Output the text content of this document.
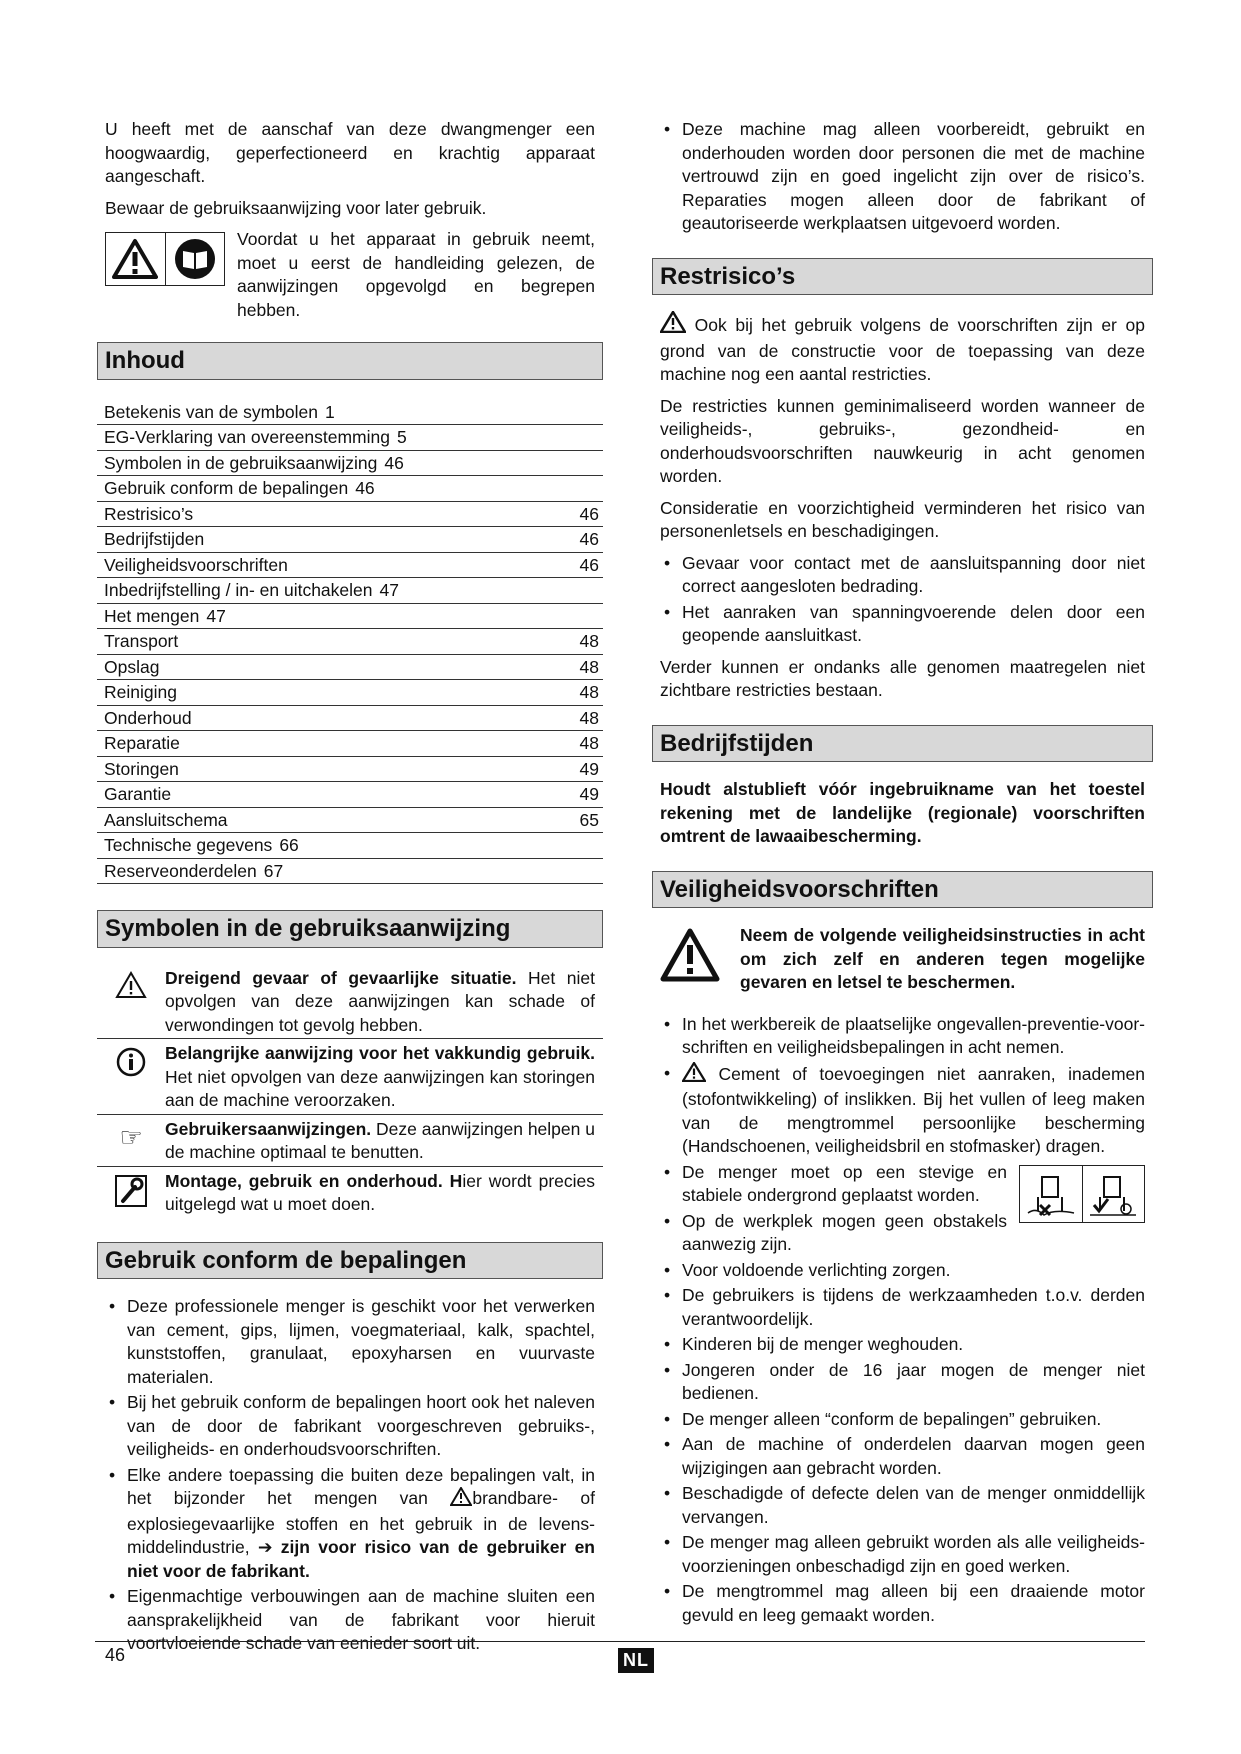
U heeft met de aanschaf van deze dwangmenger een hoogwaardig, geperfectioneerd en krachtig apparaat aangeschaft.

Bewaar de gebruiksaanwijzing voor later gebruik.

Voordat u het apparaat in gebruik neemt, moet u eerst de handleiding gelezen, de aanwijzingen opgevolgd en begrepen hebben.
Inhoud
Betekenis van de symbolen 1
EG-Verklaring van overeenstemming 5
Symbolen in de gebruiksaanwijzing 46
Gebruik conform de bepalingen 46
Restrisico’s	46
Bedrijfstijden	46
Veiligheidsvoorschriften	46
Inbedrijfstelling / in- en uitchakelen 47
Het mengen 47
Transport	48
Opslag	48
Reiniging	48
Onderhoud	48
Reparatie	48
Storingen	49
Garantie	49
Aansluitschema	65
Technische gegevens 66
Reserveonderdelen 67
Symbolen in de gebruiksaanwijzing
Dreigend gevaar of gevaarlijke situatie. Het niet opvolgen van deze aanwijzingen kan schade of verwondingen tot gevolg hebben.
Belangrijke aanwijzing voor het vakkundig gebruik. Het niet opvolgen van deze aanwijzingen kan storingen aan de machine veroorzaken.
☞	Gebruikersaanwijzingen. Deze aanwijzingen helpen u de machine optimaal te benutten.
Montage, gebruik en onderhoud. Hier wordt precies uitgelegd wat u moet doen.
Gebruik conform de bepalingen
• Deze professionele menger is geschikt voor het verwerken van cement, gips, lijmen, voegmateriaal, kalk, spachtel, kunststoffen, granulaat, epoxyharsen en vuurvaste materialen.
• Bij het gebruik conform de bepalingen hoort ook het naleven van de door de fabrikant voorgeschreven gebruiks-, veiligheids- en onderhoudsvoorschriften.
• Elke andere toepassing die buiten deze bepalingen valt, in het bijzonder het mengen van brandbare- of explosiegevaarlijke stoffen en het gebruik in de levens-middelindustrie, ➔ zijn voor risico van de gebruiker en niet voor de fabrikant.
• Eigenmachtige verbouwingen aan de machine sluiten een aansprakelijkheid van de fabrikant voor hieruit voortvloeiende schade van eenieder soort uit.
• Deze machine mag alleen voorbereidt, gebruikt en onderhouden worden door personen die met de machine vertrouwd zijn en goed ingelicht zijn over de risico’s. Reparaties mogen alleen door de fabrikant of geautoriseerde werkplaatsen uitgevoerd worden.
Restrisico’s

Ook bij het gebruik volgens de voorschriften zijn er op grond van de constructie voor de toepassing van deze machine nog een aantal restricties.

De restricties kunnen geminimaliseerd worden wanneer de veiligheids-, gebruiks-, gezondheid- en onderhoudsvoorschriften nauwkeurig in acht genomen worden.

Consideratie en voorzichtigheid verminderen het risico van personenletsels en beschadigingen.

• Gevaar voor contact met de aansluitspanning door niet correct aangesloten bedrading.
• Het aanraken van spanningvoerende delen door een geopende aansluitkast.

Verder kunnen er ondanks alle genomen maatregelen niet zichtbare restricties bestaan.

Bedrijfstijden

Houdt alstublieft vóór ingebruikname van het toestel rekening met de landelijke (regionale) voorschriften omtrent de lawaaibescherming.

Veiligheidsvoorschriften
Neem de volgende veiligheidsinstructies in acht om zich zelf en anderen tegen mogelijke gevaren en letsel te beschermen.
• In het werkbereik de plaatselijke ongevallen-preventie-voor-schriften en veiligheidsbepalingen in acht nemen.
• Cement of toevoegingen niet aanraken, inademen (stofontwikkeling) of inslikken. Bij het vullen of leeg maken van de mengtrommel persoonlijke bescherming (Handschoenen, veiligheidsbril en stofmasker) dragen.
• De menger moet op een stevige en stabiele ondergrond geplaatst worden.
• Op de werkplek mogen geen obstakels aanwezig zijn.
• Voor voldoende verlichting zorgen.
• De gebruikers is tijdens de werkzaamheden t.o.v. derden verantwoordelijk.
• Kinderen bij de menger weghouden.
• Jongeren onder de 16 jaar mogen de menger niet bedienen.
• De menger alleen “conform de bepalingen” gebruiken.
• Aan de machine of onderdelen daarvan mogen geen wijzigingen aan gebracht worden.
• Beschadigde of defecte delen van de menger onmiddellijk vervangen.
• De menger mag alleen gebruikt worden als alle veiligheids-voorzieningen onbeschadigd zijn en goed werken.
• De mengtrommel mag alleen bij een draaiende motor gevuld en leeg gemaakt worden.
46	NL
